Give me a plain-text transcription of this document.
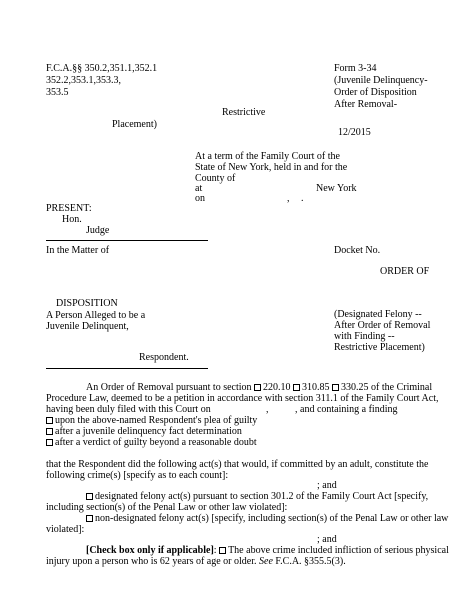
F.C.A.§§ 350.2,351.1,352.1
352.2,353.1,353.3,
353.5
Form 3-34
(Juvenile Delinquency-
Order of Disposition
After Removal-
Restrictive
Placement)
12/2015
At a term of the Family Court of the
State of New York, held in and for the
County of
at	New York
on	, .
PRESENT:
Hon.
Judge
In the Matter of	Docket No.
ORDER OF
DISPOSITION
A Person Alleged to be a
Juvenile Delinquent,
(Designated Felony --
After Order of Removal
with Finding --
Restrictive Placement)
Respondent.
An Order of Removal pursuant to section 220.10 310.85 330.25 of the Criminal
Procedure Law, deemed to be a petition in accordance with section 311.1 of the Family Court Act,
having been duly filed with this Court on	,	, and containing a finding
upon the above-named Respondent's plea of guilty
after a juvenile delinquency fact determination
after a verdict of guilty beyond a reasonable doubt
that the Respondent did the following act(s) that would, if committed by an adult, constitute the
following crime(s) [specify as to each count]:
; and
designated felony act(s) pursuant to section 301.2 of the Family Court Act [specify,
including section(s) of the Penal Law or other law violated]:
non-designated felony act(s) [specify, including section(s) of the Penal Law or other law
violated]:
; and
[Check box only if applicable]: The above crime included infliction of serious physical
injury upon a person who is 62 years of age or older. See F.C.A. §355.5(3).
